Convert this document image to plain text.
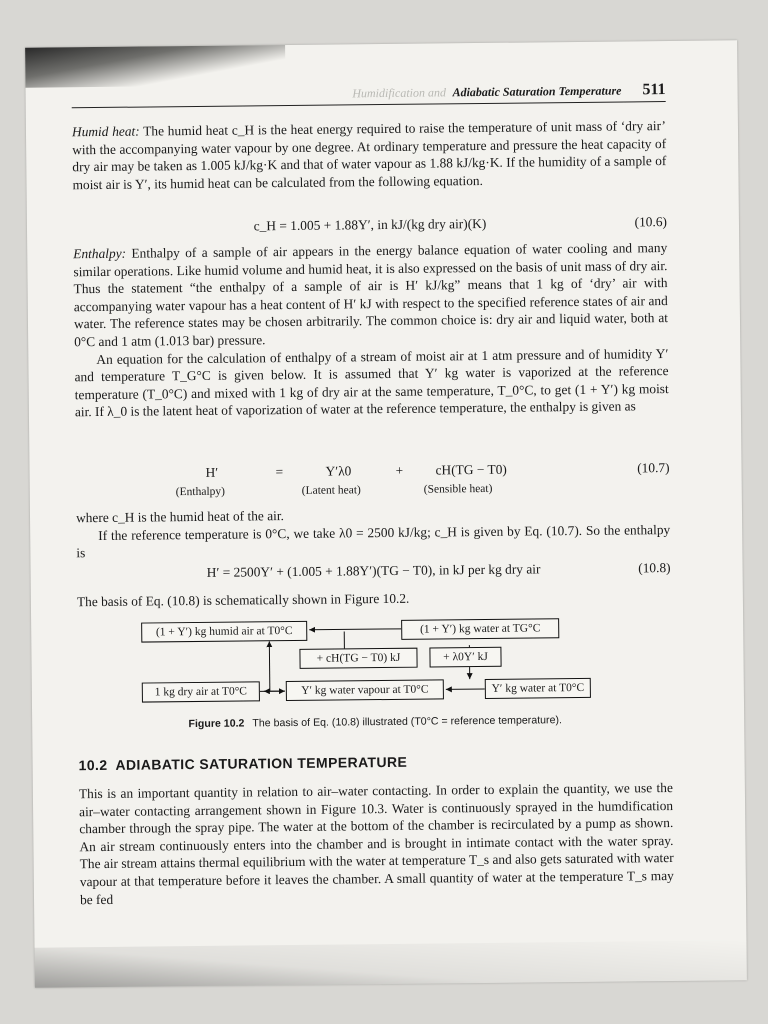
Humidification and Adiabatic Saturation Temperature 511

Humid heat: The humid heat c_H is the heat energy required to raise the temperature of unit mass of ‘dry air’ with the accompanying water vapour by one degree. At ordinary temperature and pressure the heat capacity of dry air may be taken as 1.005 kJ/kg·K and that of water vapour as 1.88 kJ/kg·K. If the humidity of a sample of moist air is Y′, its humid heat can be calculated from the following equation.

c_H = 1.005 + 1.88Y′, in kJ/(kg dry air)(K)	(10.6)

Enthalpy: Enthalpy of a sample of air appears in the energy balance equation of water cooling and many similar operations. Like humid volume and humid heat, it is also expressed on the basis of unit mass of dry air. Thus the statement “the enthalpy of a sample of air is H′ kJ/kg” means that 1 kg of ‘dry’ air with accompanying water vapour has a heat content of H′ kJ with respect to the specified reference states of air and water. The reference states may be chosen arbitrarily. The common choice is: dry air and liquid water, both at 0°C and 1 atm (1.013 bar) pressure.

An equation for the calculation of enthalpy of a stream of moist air at 1 atm pressure and of humidity Y′ and temperature T_G°C is given below. It is assumed that Y′ kg water is vaporized at the reference temperature (T_0°C) and mixed with 1 kg of dry air at the same temperature, T_0°C, to get (1 + Y′) kg moist air. If λ_0 is the latent heat of vaporization of water at the reference temperature, the enthalpy is given as

H′	=	Y′λ0	+ cH(TG − T0)	(10.7)
(Enthalpy)	(Latent heat)	(Sensible heat)

where c_H is the humid heat of the air.

If the reference temperature is 0°C, we take λ0 = 2500 kJ/kg; c_H is given by Eq. (10.7). So the enthalpy is

H′ = 2500Y′ + (1.005 + 1.88Y′)(TG − T0), in kJ per kg dry air	(10.8)

The basis of Eq. (10.8) is schematically shown in Figure 10.2.

(1 + Y′) kg humid air at T0°C	(1 + Y′) kg water at TG°C
+ cH(TG − T0) kJ	+ λ0Y′ kJ
1 kg dry air at T0°C	Y′ kg water vapour at T0°C	Y′ kg water at T0°C
Figure 10.2 The basis of Eq. (10.8) illustrated (T0°C = reference temperature).
10.2 ADIABATIC SATURATION TEMPERATURE

This is an important quantity in relation to air–water contacting. In order to explain the quantity, we use the air–water contacting arrangement shown in Figure 10.3. Water is continuously sprayed in the humdification chamber through the spray pipe. The water at the bottom of the chamber is recirculated by a pump as shown. An air stream continuously enters into the chamber and is brought in intimate contact with the water spray. The air stream attains thermal equilibrium with the water at temperature T_s and also gets saturated with water vapour at that temperature before it leaves the chamber. A small quantity of water at the temperature T_s may be fed
